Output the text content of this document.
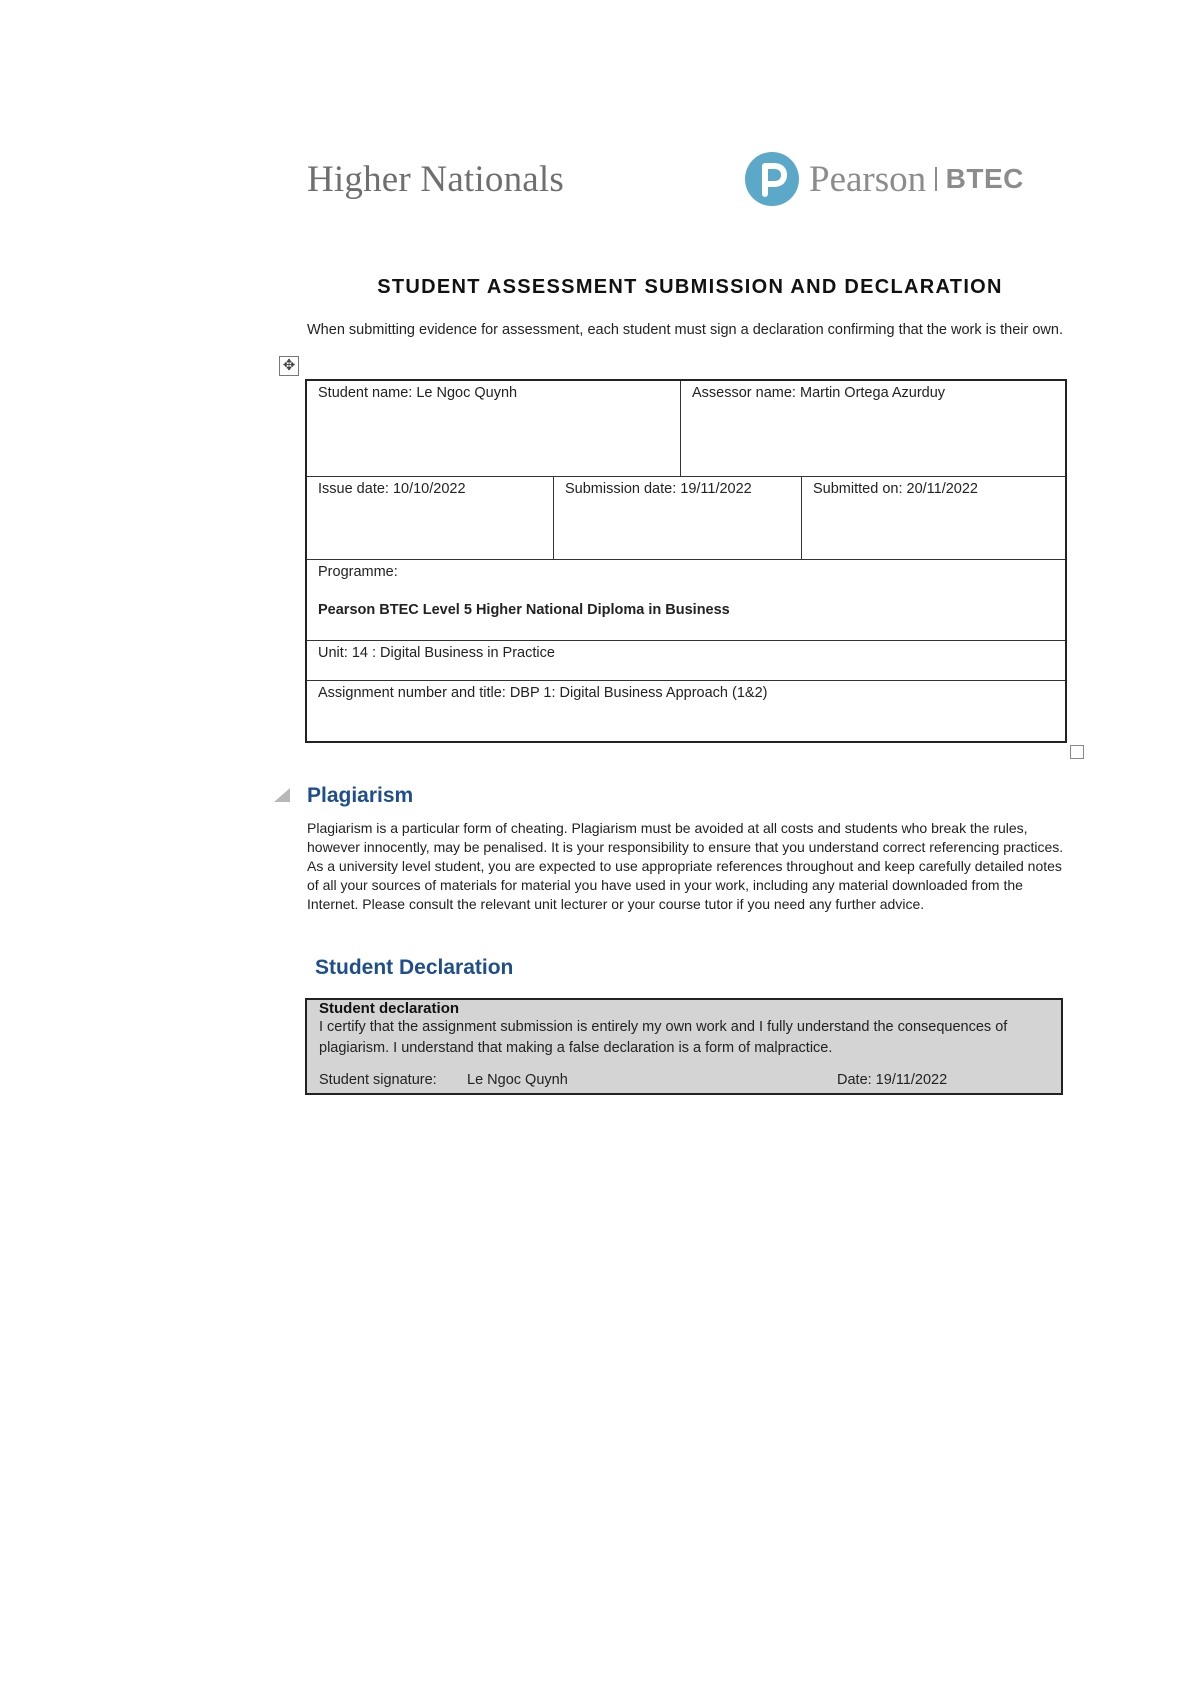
Higher Nationals	Pearson BTEC
STUDENT ASSESSMENT SUBMISSION AND DECLARATION
When submitting evidence for assessment, each student must sign a declaration confirming that the work is their own.
✥
Student name: Le Ngoc Quynh	Assessor name: Martin Ortega Azurduy
Issue date: 10/10/2022	Submission date: 19/11/2022	Submitted on: 20/11/2022
Programme:
Pearson BTEC Level 5 Higher National Diploma in Business
Unit: 14 : Digital Business in Practice
Assignment number and title: DBP 1: Digital Business Approach (1&2)
Plagiarism
Plagiarism is a particular form of cheating. Plagiarism must be avoided at all costs and students who break the rules, however innocently, may be penalised. It is your responsibility to ensure that you understand correct referencing practices. As a university level student, you are expected to use appropriate references throughout and keep carefully detailed notes of all your sources of materials for material you have used in your work, including any material downloaded from the Internet. Please consult the relevant unit lecturer or your course tutor if you need any further advice.
Student Declaration
Student declaration
I certify that the assignment submission is entirely my own work and I fully understand the consequences of plagiarism. I understand that making a false declaration is a form of malpractice.
Student signature: Le Ngoc Quynh	Date: 19/11/2022
